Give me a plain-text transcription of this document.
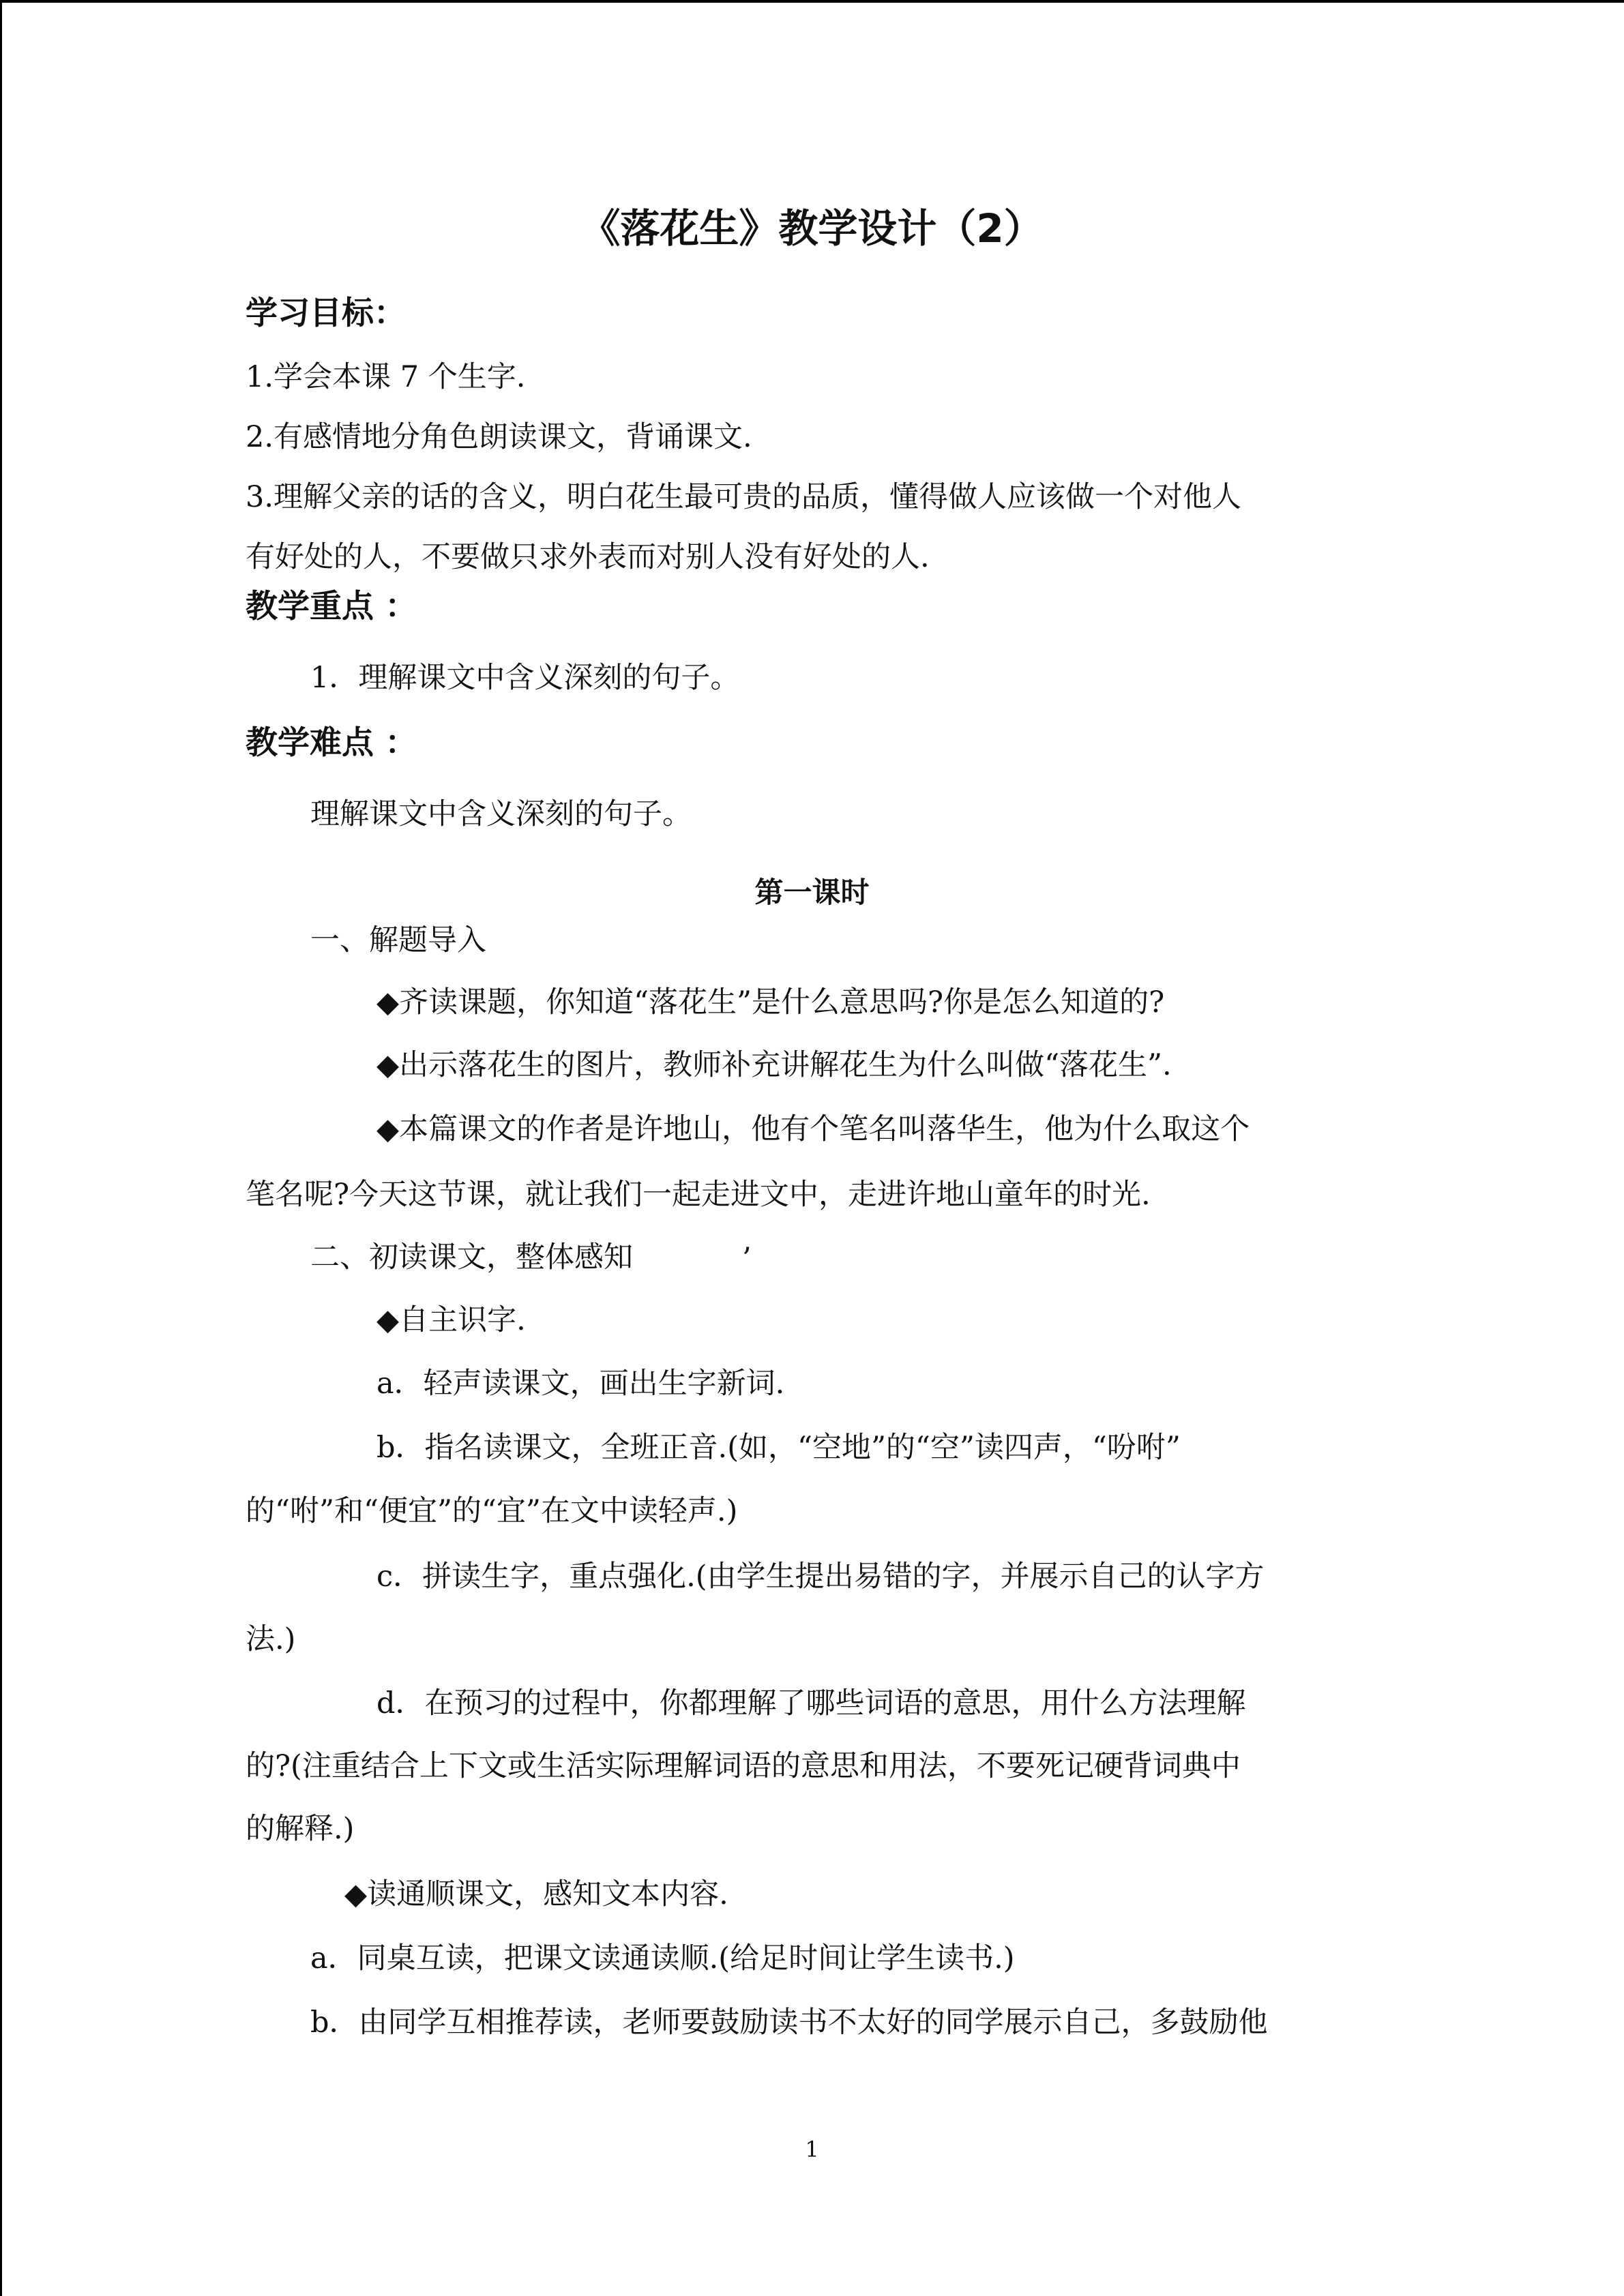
《落花生》教学设计（2）

学习目标：

1.学会本课 7 个生字.

2.有感情地分角色朗读课文，背诵课文.

3.理解父亲的话的含义，明白花生最可贵的品质，懂得做人应该做一个对他人

有好处的人，不要做只求外表而对别人没有好处的人.

教学重点 ：

1．理解课文中含义深刻的句子。

教学难点 ：

理解课文中含义深刻的句子。

第一课时

一、解题导入

◆齐读课题，你知道“落花生”是什么意思吗?你是怎么知道的?

◆出示落花生的图片，教师补充讲解花生为什么叫做“落花生”.

◆本篇课文的作者是许地山，他有个笔名叫落华生，他为什么取这个

笔名呢?今天这节课，就让我们一起走进文中，走进许地山童年的时光.

二、初读课文，整体感知	’

◆自主识字.

a．轻声读课文，画出生字新词.

b．指名读课文，全班正音.(如，“空地”的“空”读四声，“吩咐”

的“咐”和“便宜”的“宜”在文中读轻声.)

c．拼读生字，重点强化.(由学生提出易错的字，并展示自己的认字方

法.)

d．在预习的过程中，你都理解了哪些词语的意思，用什么方法理解

的?(注重结合上下文或生活实际理解词语的意思和用法，不要死记硬背词典中

的解释.)

◆读通顺课文，感知文本内容.

a．同桌互读，把课文读通读顺.(给足时间让学生读书.)

b．由同学互相推荐读，老师要鼓励读书不太好的同学展示自己，多鼓励他

1
